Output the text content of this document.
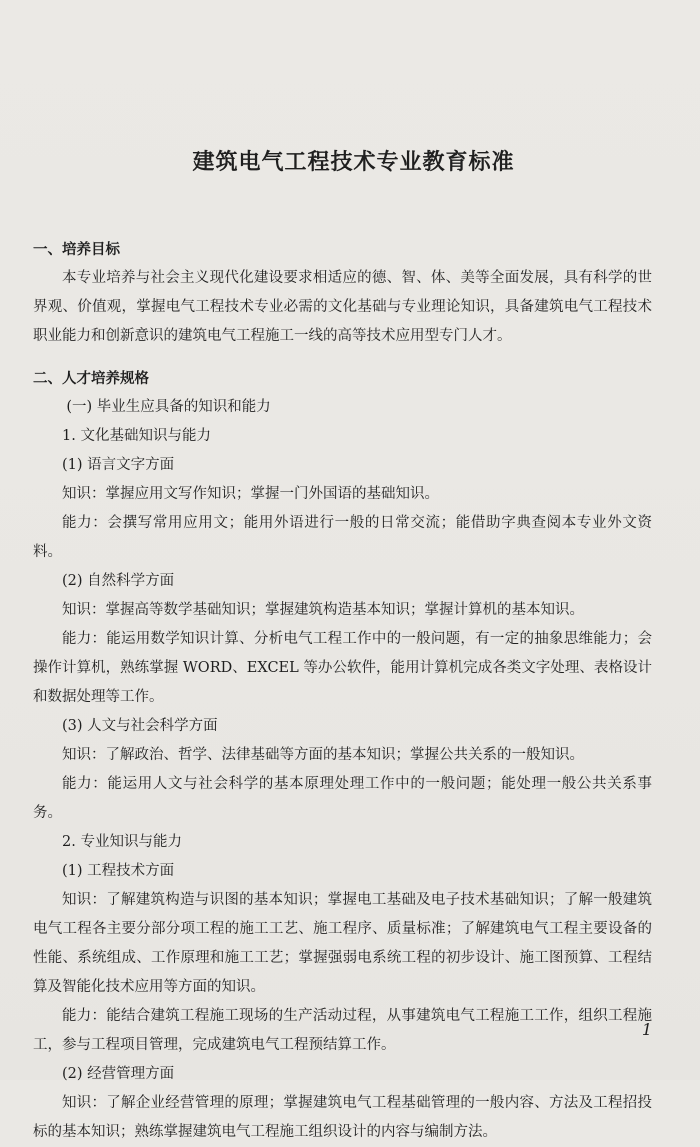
建筑电气工程技术专业教育标准

一、培养目标

本专业培养与社会主义现代化建设要求相适应的德、智、体、美等全面发展，具有科学的世界观、价值观，掌握电气工程技术专业必需的文化基础与专业理论知识，具备建筑电气工程技术职业能力和创新意识的建筑电气工程施工一线的高等技术应用型专门人才。

二、人才培养规格

(一) 毕业生应具备的知识和能力

1. 文化基础知识与能力

(1) 语言文字方面

知识：掌握应用文写作知识；掌握一门外国语的基础知识。

能力：会撰写常用应用文；能用外语进行一般的日常交流；能借助字典查阅本专业外文资料。

(2) 自然科学方面

知识：掌握高等数学基础知识；掌握建筑构造基本知识；掌握计算机的基本知识。

能力：能运用数学知识计算、分析电气工程工作中的一般问题，有一定的抽象思维能力；会操作计算机，熟练掌握 WORD、EXCEL 等办公软件，能用计算机完成各类文字处理、表格设计和数据处理等工作。

(3) 人文与社会科学方面

知识：了解政治、哲学、法律基础等方面的基本知识；掌握公共关系的一般知识。

能力：能运用人文与社会科学的基本原理处理工作中的一般问题；能处理一般公共关系事务。

2. 专业知识与能力

(1) 工程技术方面

知识：了解建筑构造与识图的基本知识；掌握电工基础及电子技术基础知识；了解一般建筑电气工程各主要分部分项工程的施工工艺、施工程序、质量标准；了解建筑电气工程主要设备的性能、系统组成、工作原理和施工工艺；掌握强弱电系统工程的初步设计、施工图预算、工程结算及智能化技术应用等方面的知识。

能力：能结合建筑工程施工现场的生产活动过程，从事建筑电气工程施工工作，组织工程施工，参与工程项目管理，完成建筑电气工程预结算工作。

(2) 经营管理方面

知识：了解企业经营管理的原理；掌握建筑电气工程基础管理的一般内容、方法及工程招投标的基本知识；熟练掌握建筑电气工程施工组织设计的内容与编制方法。

1
